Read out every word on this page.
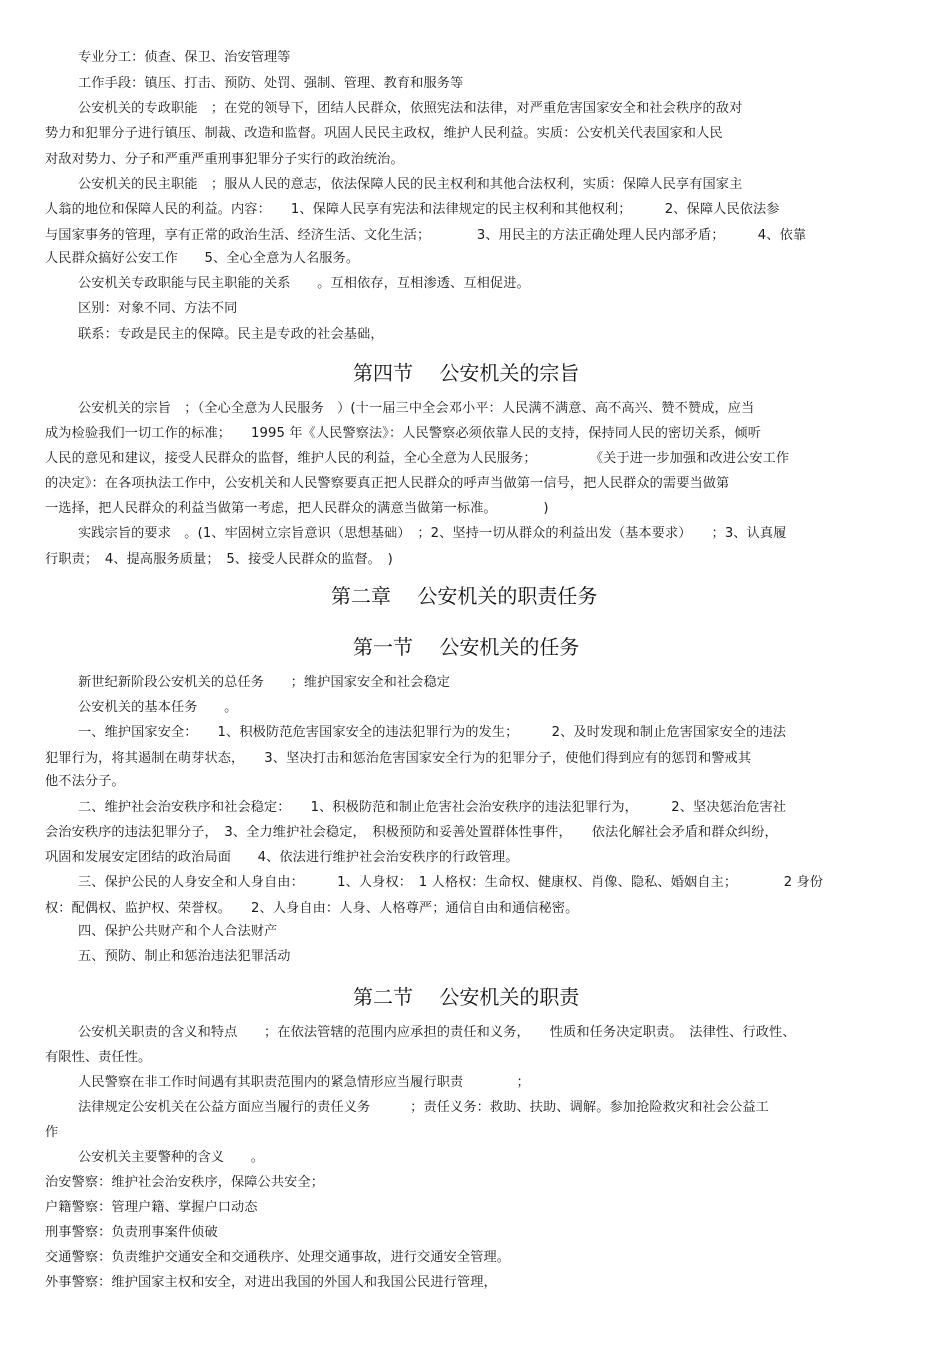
专业分工：侦查、保卫、治安管理等
工作手段：镇压、打击、预防、处罚、强制、管理、教育和服务等
公安机关的专政职能　；在党的领导下，团结人民群众，依照宪法和法律，对严重危害国家安全和社会秩序的敌对
势力和犯罪分子进行镇压、制裁、改造和监督。巩固人民民主政权，维护人民利益。实质：公安机关代表国家和人民
对敌对势力、分子和严重严重刑事犯罪分子实行的政治统治。
公安机关的民主职能　；服从人民的意志，依法保障人民的民主权利和其他合法权利，实质：保障人民享有国家主
人翁的地位和保障人民的利益。内容：　　1、保障人民享有宪法和法律规定的民主权利和其他权利；　　　2、保障人民依法参
与国家事务的管理，享有正常的政治生活、经济生活、文化生活；　　　　3、用民主的方法正确处理人民内部矛盾；　　　4、依靠
人民群众搞好公安工作　　5、全心全意为人名服务。
公安机关专政职能与民主职能的关系　　。互相依存，互相渗透、互相促进。
区别：对象不同、方法不同
联系：专政是民主的保障。民主是专政的社会基础，
第四节　 公安机关的宗旨
公安机关的宗旨　；（全心全意为人民服务　）(十一届三中全会邓小平：人民满不满意、高不高兴、赞不赞成，应当
成为检验我们一切工作的标准；　　1995 年《人民警察法》：人民警察必须依靠人民的支持，保持同人民的密切关系，倾听
人民的意见和建议，接受人民群众的监督，维护人民的利益，全心全意为人民服务；　　　　　《关于进一步加强和改进公安工作
的决定》：在各项执法工作中，公安机关和人民警察要真正把人民群众的呼声当做第一信号，把人民群众的需要当做第
一选择，把人民群众的利益当做第一考虑，把人民群众的满意当做第一标准。　　　　)
实践宗旨的要求　。(1、牢固树立宗旨意识（思想基础）　；2、坚持一切从群众的利益出发（基本要求）　　；3、认真履
行职责；　4、提高服务质量；　5、接受人民群众的监督。　)
第二章　 公安机关的职责任务
第一节　 公安机关的任务
新世纪新阶段公安机关的总任务　　；维护国家安全和社会稳定
公安机关的基本任务　　。
一、维护国家安全：　　1、积极防范危害国家安全的违法犯罪行为的发生；　　　2、及时发现和制止危害国家安全的违法
犯罪行为，将其遏制在萌芽状态，　　3、坚决打击和惩治危害国家安全行为的犯罪分子，使他们得到应有的惩罚和警戒其
他不法分子。
二、维护社会治安秩序和社会稳定：　　1、积极防范和制止危害社会治安秩序的违法犯罪行为，　　　2、坚决惩治危害社
会治安秩序的违法犯罪分子，　3、全力维护社会稳定，　积极预防和妥善处置群体性事件，　　依法化解社会矛盾和群众纠纷，
巩固和发展安定团结的政治局面　　4、依法进行维护社会治安秩序的行政管理。
三、保护公民的人身安全和人身自由：　　　1、人身权：　1 人格权：生命权、健康权、肖像、隐私、婚姻自主；　　　　2 身份
权：配偶权、监护权、荣誉权。　　2、人身自由：人身、人格尊严；通信自由和通信秘密。
四、保护公共财产和个人合法财产
五、预防、制止和惩治违法犯罪活动
第二节　 公安机关的职责
公安机关职责的含义和特点　　；在依法管辖的范围内应承担的责任和义务，　　性质和任务决定职责。　法律性、行政性、
有限性、责任性。
人民警察在非工作时间遇有其职责范围内的紧急情形应当履行职责　　　　；
法律规定公安机关在公益方面应当履行的责任义务　　　；责任义务：救助、扶助、调解。参加抢险救灾和社会公益工
作
公安机关主要警种的含义　　。
治安警察：维护社会治安秩序，保障公共安全；
户籍警察：管理户籍、掌握户口动态
刑事警察：负责刑事案件侦破
交通警察：负责维护交通安全和交通秩序、处理交通事故，进行交通安全管理。
外事警察：维护国家主权和安全，对进出我国的外国人和我国公民进行管理，
